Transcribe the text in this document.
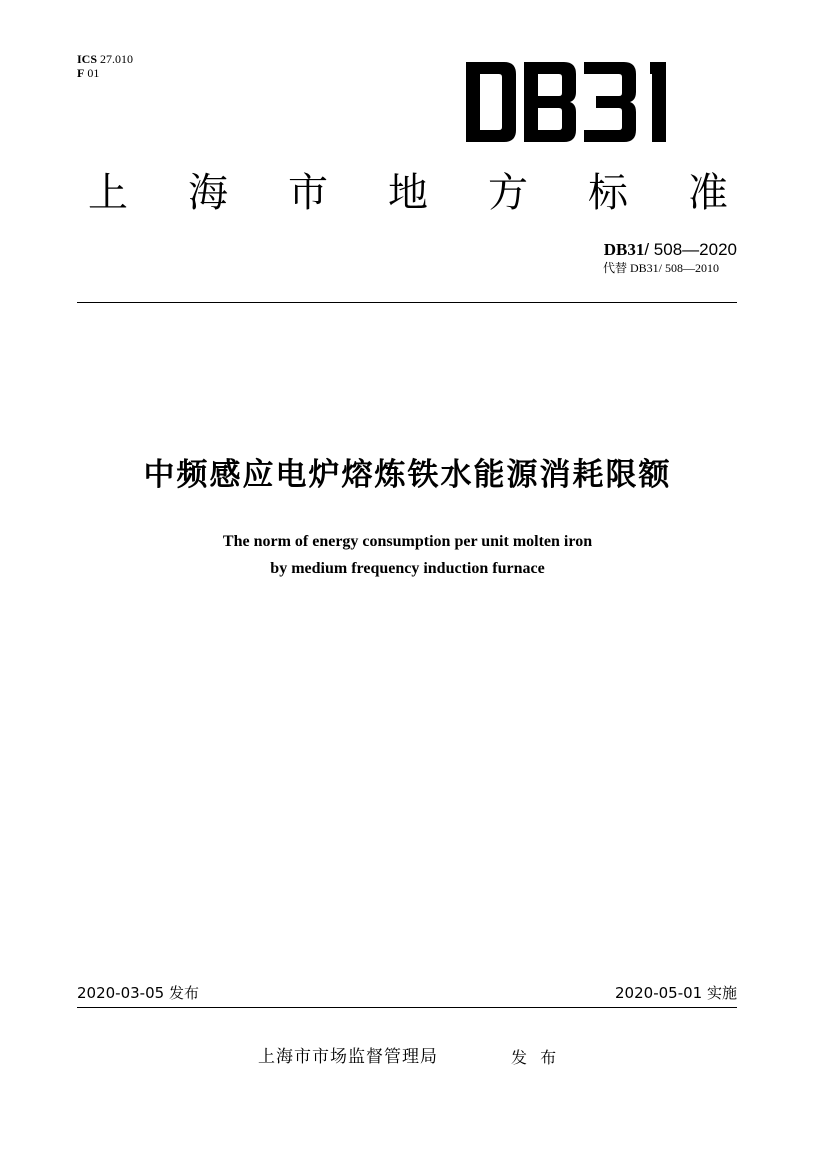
ICS 27.010
F 01
上 海 市 地 方 标 准
DB31/ 508—2020
代替 DB31/ 508—2010
中频感应电炉熔炼铁水能源消耗限额
The norm of energy consumption per unit molten iron
by medium frequency induction furnace
2020-03-05 发布	2020-05-01 实施
上海市市场监督管理局	发 布
